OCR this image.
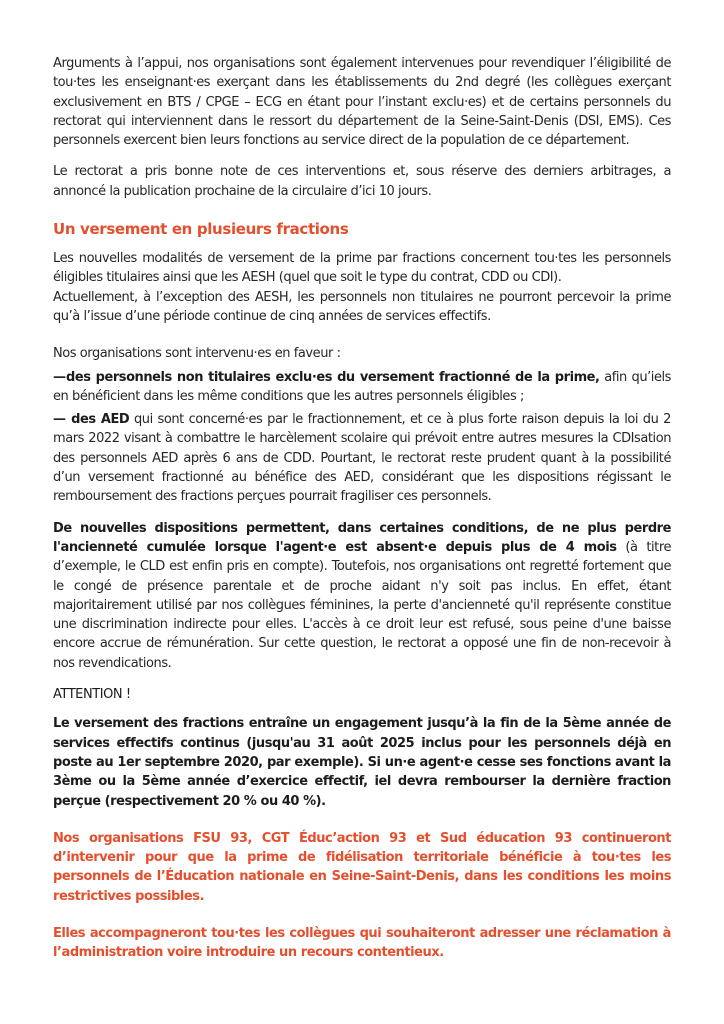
Arguments à l’appui, nos organisations sont également intervenues pour revendiquer l’éligibilité de tou·tes les enseignant·es exerçant dans les établissements du 2nd degré (les collègues exerçant exclusivement en BTS / CPGE – ECG en étant pour l’instant exclu·es) et de certains personnels du rectorat qui interviennent dans le ressort du département de la Seine-Saint-Denis (DSI, EMS). Ces personnels exercent bien leurs fonctions au service direct de la population de ce département.

Le rectorat a pris bonne note de ces interventions et, sous réserve des derniers arbitrages, a annoncé la publication prochaine de la circulaire d’ici 10 jours.

Un versement en plusieurs fractions

Les nouvelles modalités de versement de la prime par fractions concernent tou·tes les personnels éligibles titulaires ainsi que les AESH (quel que soit le type du contrat, CDD ou CDI).

Actuellement, à l’exception des AESH, les personnels non titulaires ne pourront percevoir la prime qu’à l’issue d’une période continue de cinq années de services effectifs.

Nos organisations sont intervenu·es en faveur :

—des personnels non titulaires exclu·es du versement fractionné de la prime, afin qu’iels en bénéficient dans les même conditions que les autres personnels éligibles ;

— des AED qui sont concerné·es par le fractionnement, et ce à plus forte raison depuis la loi du 2 mars 2022 visant à combattre le harcèlement scolaire qui prévoit entre autres mesures la CDIsation des personnels AED après 6 ans de CDD. Pourtant, le rectorat reste prudent quant à la possibilité d’un versement fractionné au bénéfice des AED, considérant que les dispositions régissant le remboursement des fractions perçues pourrait fragiliser ces personnels.

De nouvelles dispositions permettent, dans certaines conditions, de ne plus perdre l'ancienneté cumulée lorsque l'agent·e est absent·e depuis plus de 4 mois (à titre d’exemple, le CLD est enfin pris en compte). Toutefois, nos organisations ont regretté fortement que le congé de présence parentale et de proche aidant n'y soit pas inclus. En effet, étant majoritairement utilisé par nos collègues féminines, la perte d'ancienneté qu'il représente constitue une discrimination indirecte pour elles. L'accès à ce droit leur est refusé, sous peine d'une baisse encore accrue de rémunération. Sur cette question, le rectorat a opposé une fin de non-recevoir à nos revendications.

ATTENTION !

Le versement des fractions entraîne un engagement jusqu’à la fin de la 5ème année de services effectifs continus (jusqu'au 31 août 2025 inclus pour les personnels déjà en poste au 1er septembre 2020, par exemple). Si un·e agent·e cesse ses fonctions avant la 3ème ou la 5ème année d’exercice effectif, iel devra rembourser la dernière fraction perçue (respectivement 20 % ou 40 %).

Nos organisations FSU 93, CGT Éduc’action 93 et Sud éducation 93 continueront d’intervenir pour que la prime de fidélisation territoriale bénéficie à tou·tes les personnels de l’Éducation nationale en Seine-Saint-Denis, dans les conditions les moins restrictives possibles.

Elles accompagneront tou·tes les collègues qui souhaiteront adresser une réclamation à l’administration voire introduire un recours contentieux.
